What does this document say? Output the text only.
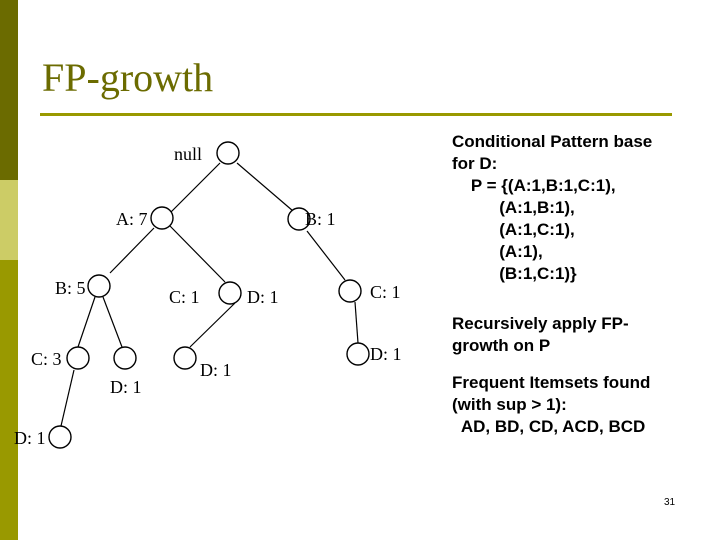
FP-growth
null
A: 7	B: 1
B: 5	C: 1	D: 1	C: 1
C: 3
D: 1
D: 1
D: 1
D: 1
Conditional Pattern base
for D:
P = {(A:1,B:1,C:1),
(A:1,B:1),
(A:1,C:1),
(A:1),
(B:1,C:1)}
Recursively apply FP-
growth on P
Frequent Itemsets found
(with sup > 1):
AD, BD, CD, ACD, BCD
31
